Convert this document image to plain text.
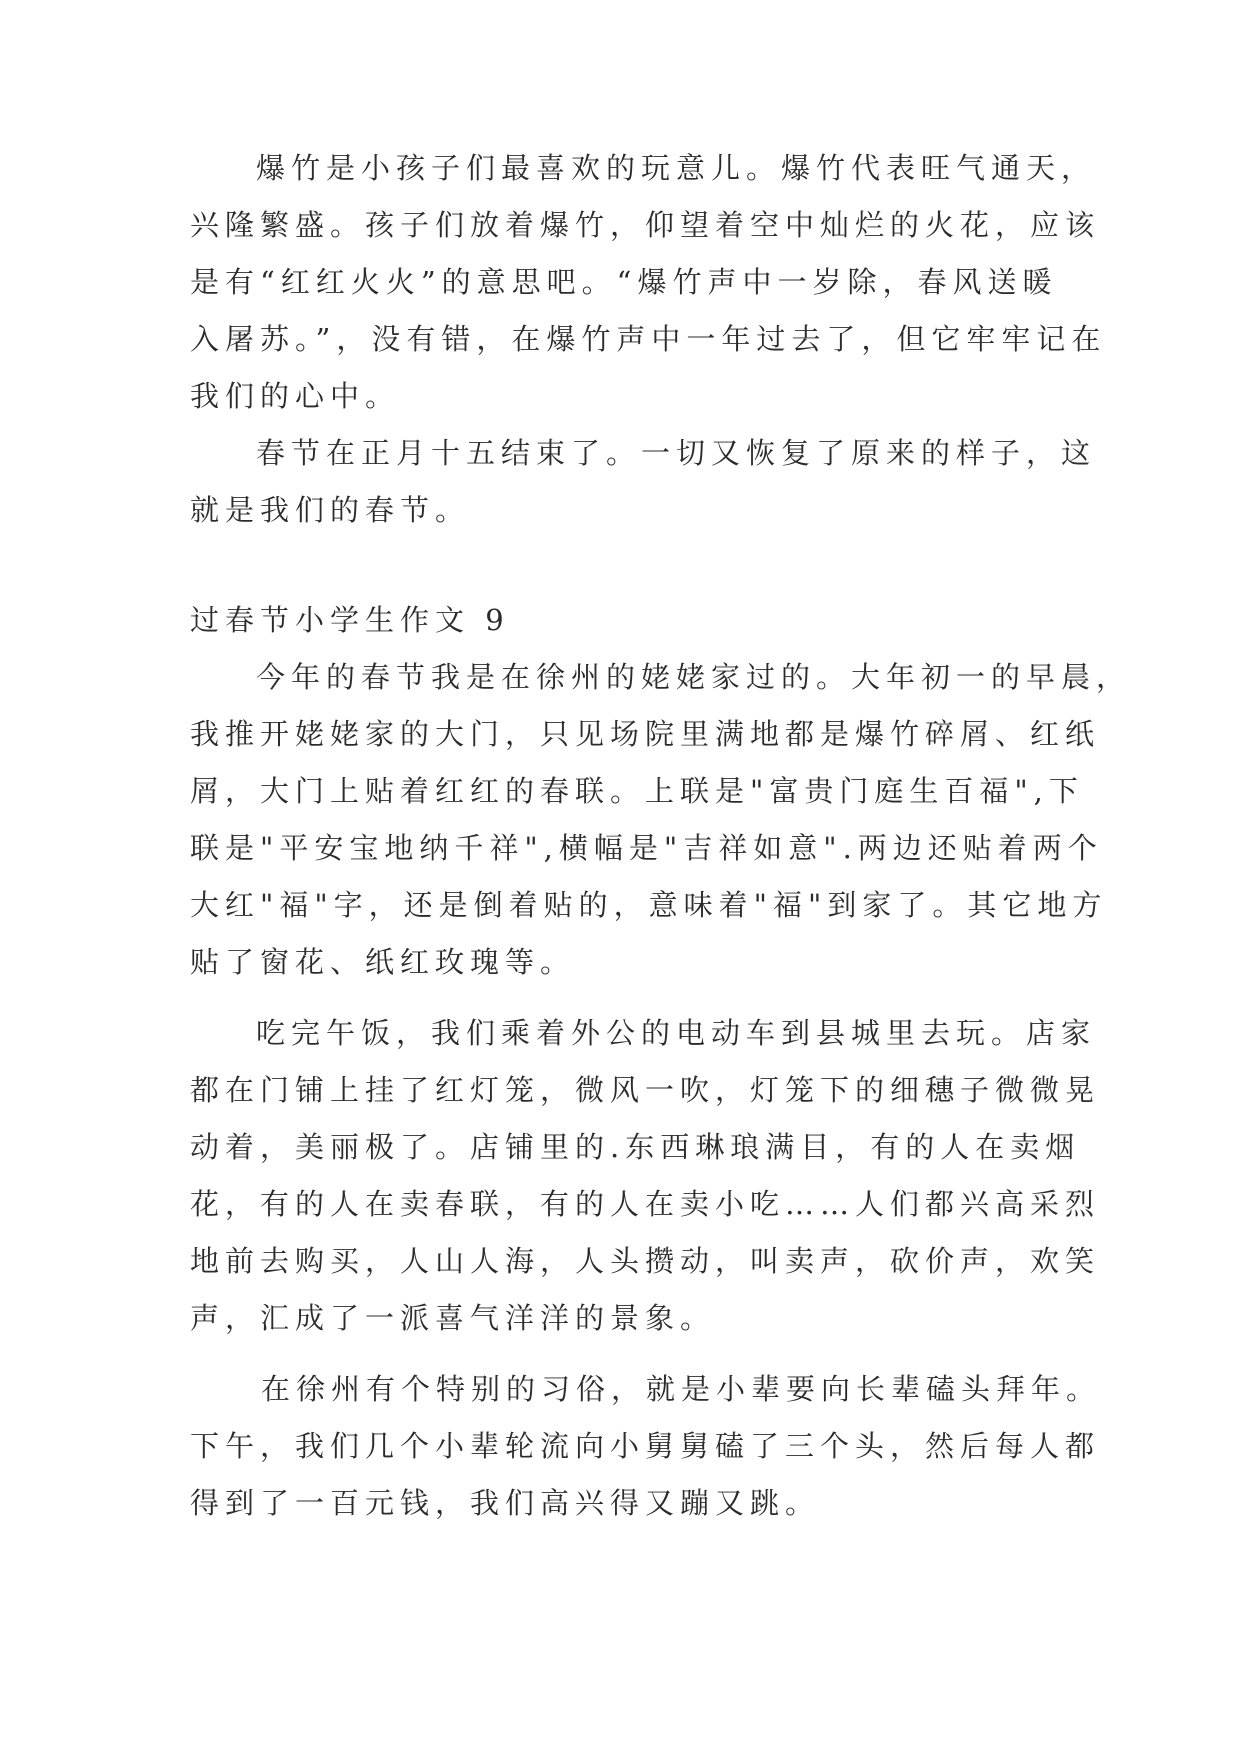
爆竹是小孩子们最喜欢的玩意儿。爆竹代表旺气通天，
兴隆繁盛。孩子们放着爆竹，仰望着空中灿烂的火花，应该
是有“红红火火”的意思吧。“爆竹声中一岁除，春风送暖
入屠苏。”，没有错，在爆竹声中一年过去了，但它牢牢记在
我们的心中。
春节在正月十五结束了。一切又恢复了原来的样子，这
就是我们的春节。
过春节小学生作文 9
今年的春节我是在徐州的姥姥家过的。大年初一的早晨，
我推开姥姥家的大门，只见场院里满地都是爆竹碎屑、红纸
屑，大门上贴着红红的春联。上联是"富贵门庭生百福",下
联是"平安宝地纳千祥",横幅是"吉祥如意".两边还贴着两个
大红"福"字，还是倒着贴的，意味着"福"到家了。其它地方
贴了窗花、纸红玫瑰等。
吃完午饭，我们乘着外公的电动车到县城里去玩。店家
都在门铺上挂了红灯笼，微风一吹，灯笼下的细穗子微微晃
动着，美丽极了。店铺里的.东西琳琅满目，有的人在卖烟
花，有的人在卖春联，有的人在卖小吃……人们都兴高采烈
地前去购买，人山人海，人头攒动，叫卖声，砍价声，欢笑
声，汇成了一派喜气洋洋的景象。
在徐州有个特别的习俗，就是小辈要向长辈磕头拜年。
下午，我们几个小辈轮流向小舅舅磕了三个头，然后每人都
得到了一百元钱，我们高兴得又蹦又跳。
